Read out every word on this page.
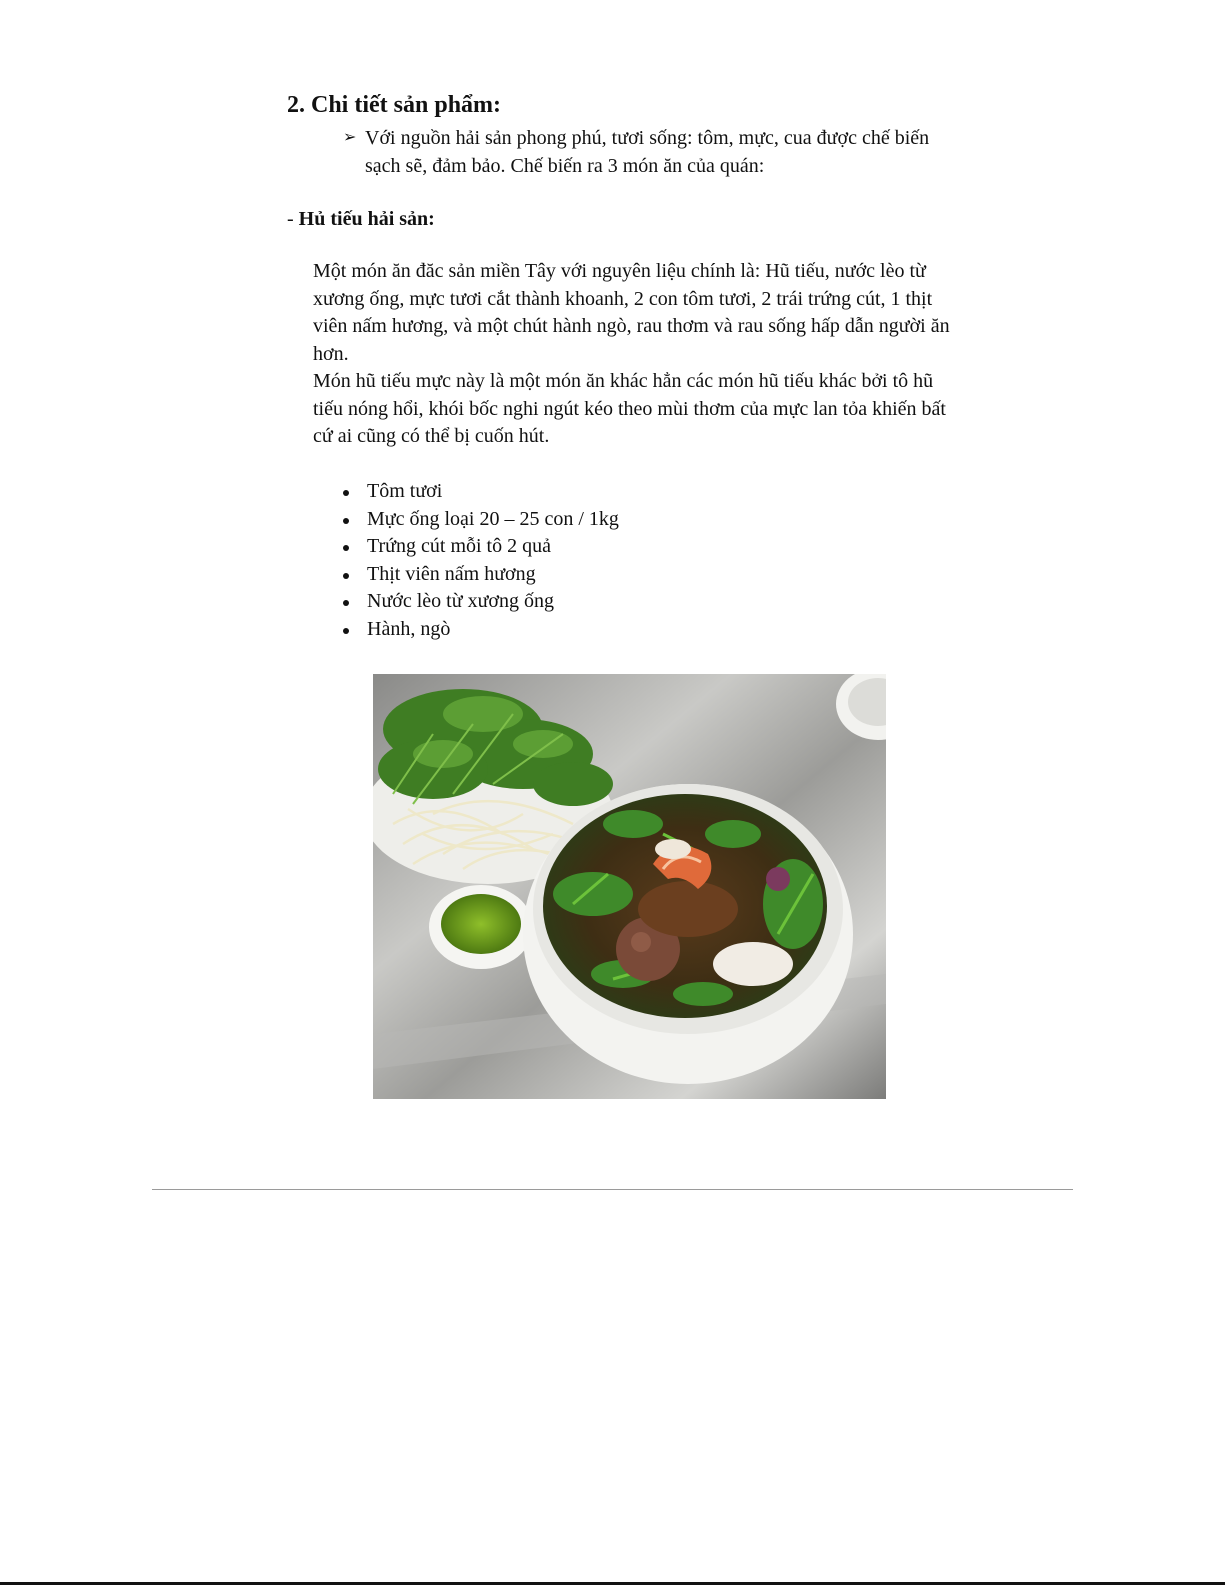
2. Chi tiết sản phẩm:
➢ Với nguồn hải sản phong phú, tươi sống: tôm, mực, cua được chế biến sạch sẽ, đảm bảo. Chế biến ra 3 món ăn của quán:
- Hủ tiếu hải sản:
Một món ăn đăc sản miền Tây với nguyên liệu chính là: Hũ tiếu, nước lèo từ xương ống, mực tươi cắt thành khoanh, 2 con tôm tươi, 2 trái trứng cút, 1 thịt viên nấm hương, và một chút hành ngò, rau thơm và rau sống hấp dẫn người ăn hơn.
Món hũ tiếu mực này là một món ăn khác hẳn các món hũ tiếu khác bởi tô hũ tiếu nóng hổi, khói bốc nghi ngút kéo theo mùi thơm của mực lan tỏa khiến bất cứ ai cũng có thể bị cuốn hút.
Tôm tươi
Mực ống loại 20 – 25 con / 1kg
Trứng cút mỗi tô 2 quả
Thịt viên nấm hương
Nước lèo từ xương ống
Hành, ngò
